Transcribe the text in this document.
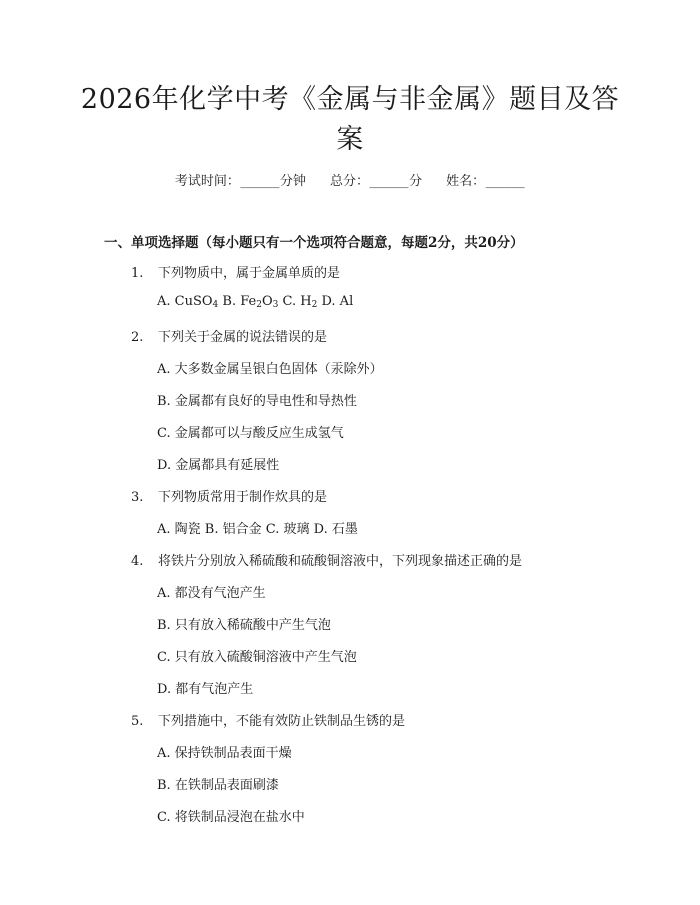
2026年化学中考《金属与非金属》题目及答
案
考试时间：______分钟 总分：______分 姓名：______
一、单项选择题（每小题只有一个选项符合题意，每题2分，共20分）
1. 下列物质中，属于金属单质的是
A. CuSO$_4$ B. $Fe_2O_3$ C. $H_2$ D. Al
2. 下列关于金属的说法错误的是
A. 大多数金属呈银白色固体（汞除外）
B. 金属都有良好的导电性和导热性
C. 金属都可以与酸反应生成氢气
D. 金属都具有延展性
3. 下列物质常用于制作炊具的是
A. 陶瓷 B. 铝合金 C. 玻璃 D. 石墨
4. 将铁片分别放入稀硫酸和硫酸铜溶液中，下列现象描述正确的是
A. 都没有气泡产生
B. 只有放入稀硫酸中产生气泡
C. 只有放入硫酸铜溶液中产生气泡
D. 都有气泡产生
5. 下列措施中，不能有效防止铁制品生锈的是
A. 保持铁制品表面干燥
B. 在铁制品表面刷漆
C. 将铁制品浸泡在盐水中
